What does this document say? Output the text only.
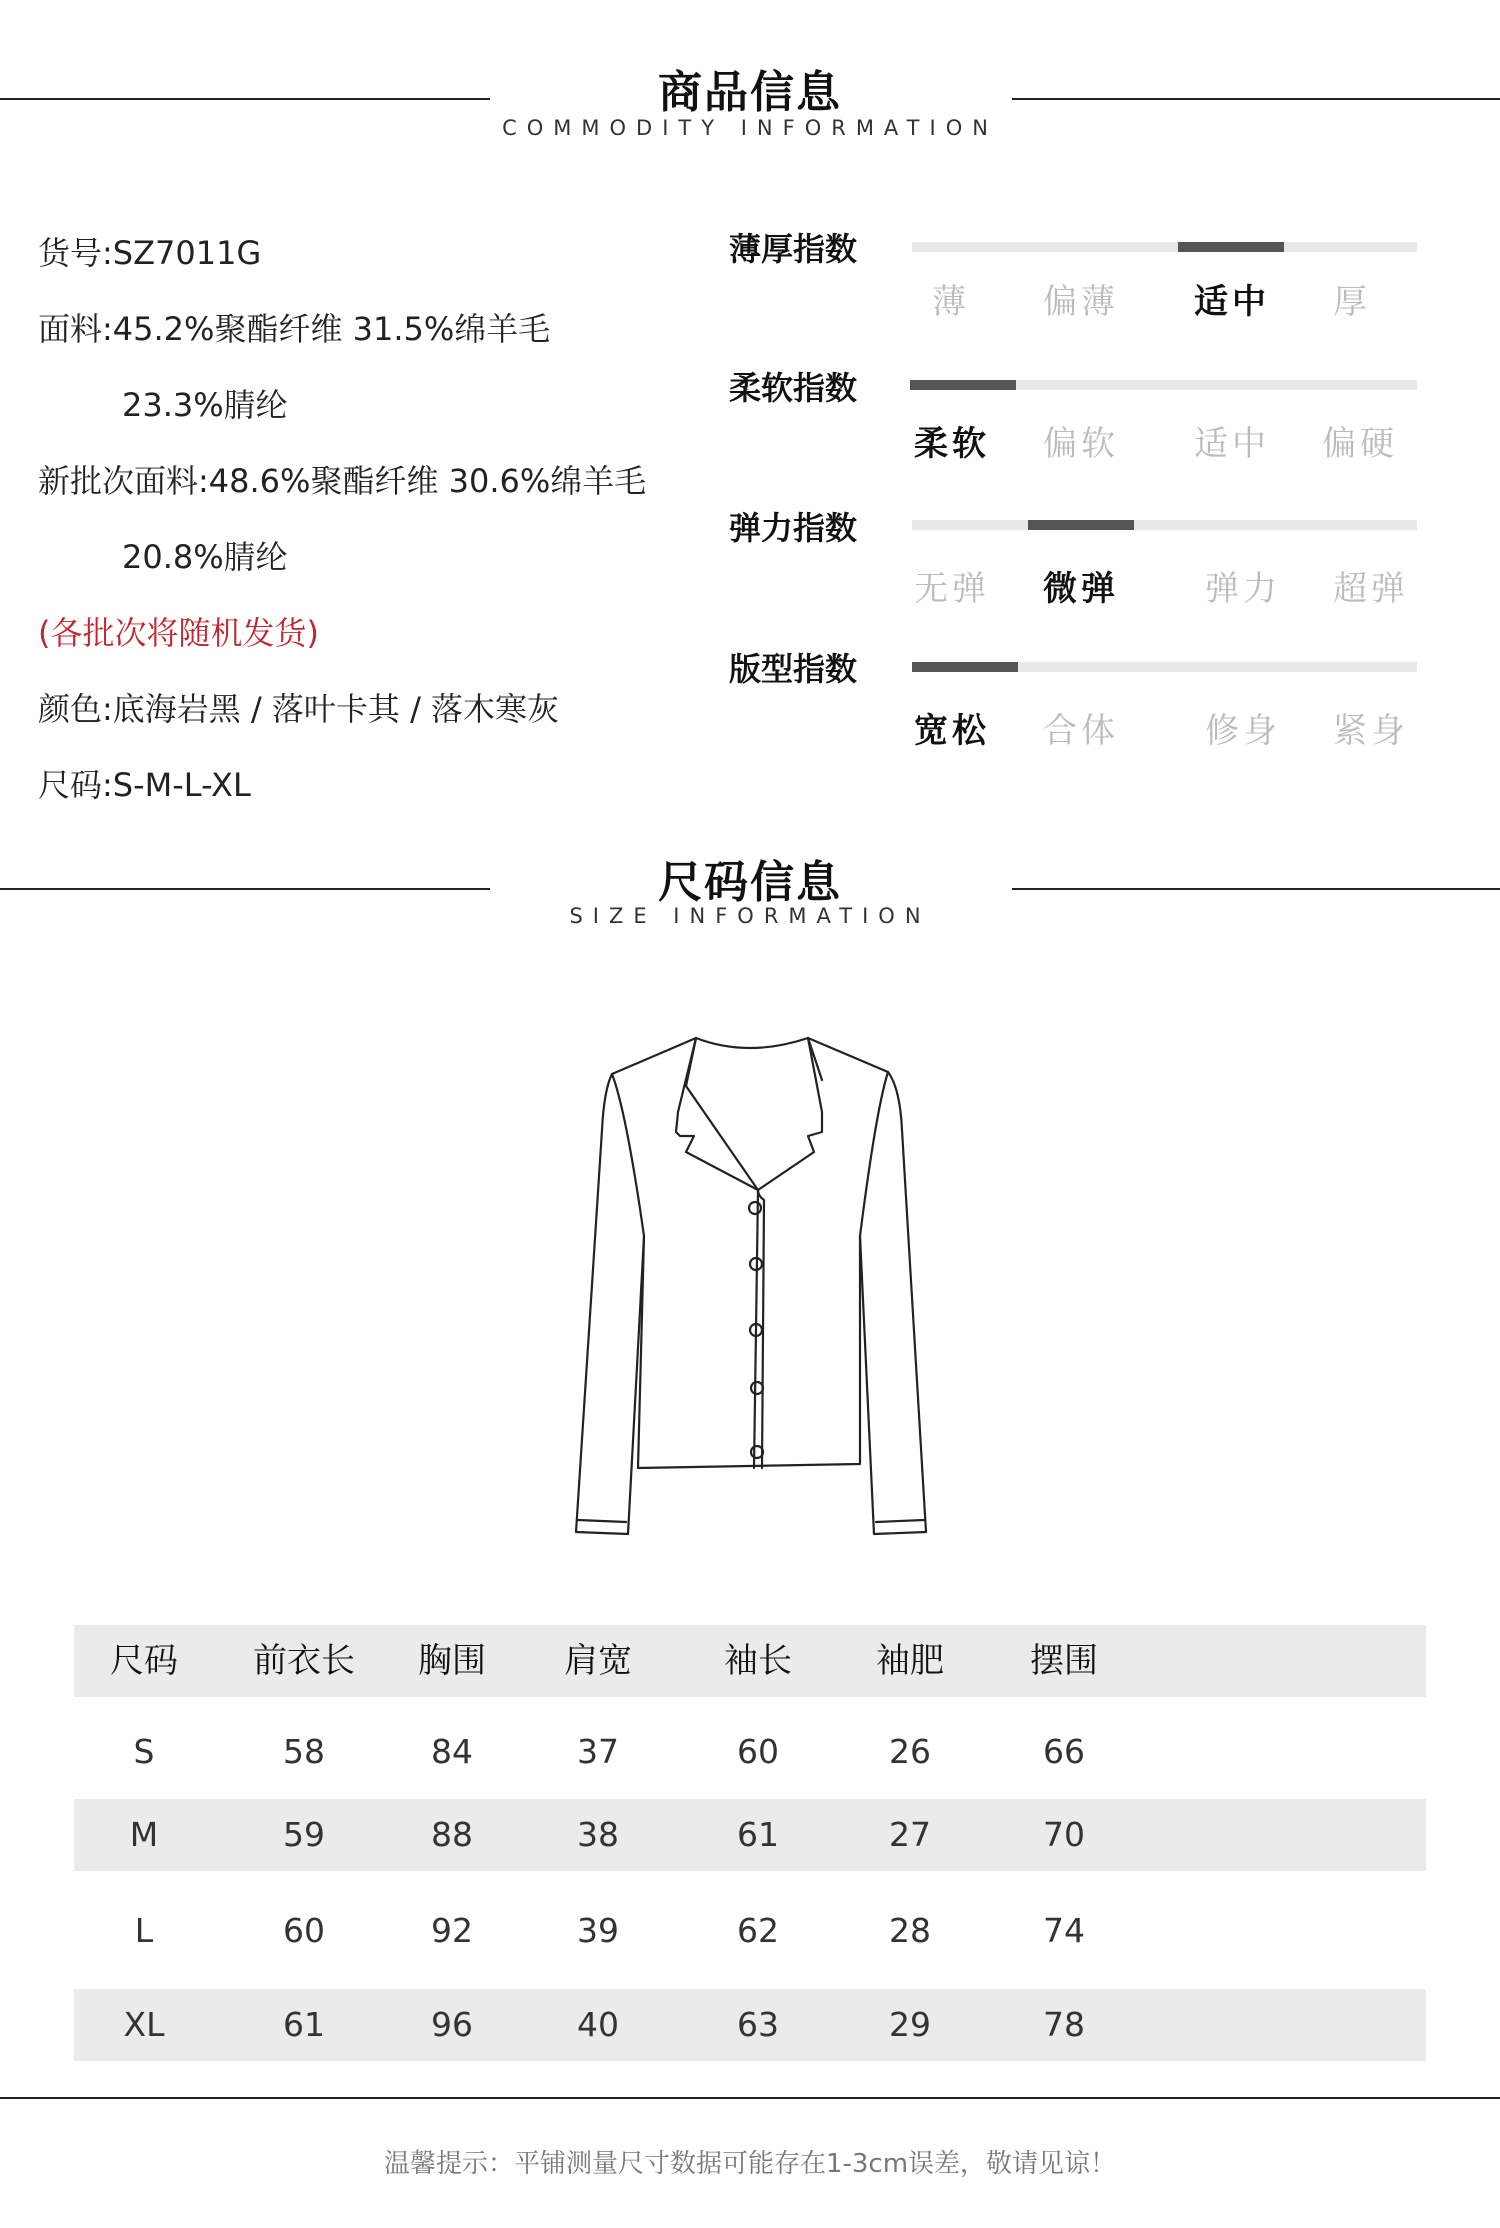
商品信息
COMMODITY INFORMATION
货号:SZ7011G
面料:45.2%聚酯纤维 31.5%绵羊毛
23.3%腈纶
新批次面料:48.6%聚酯纤维 30.6%绵羊毛
20.8%腈纶
(各批次将随机发货)
颜色:底海岩黑 / 落叶卡其 / 落木寒灰
尺码:S-M-L-XL
薄厚指数
薄	偏薄	适中	厚
柔软指数
柔软	偏软	适中	偏硬
弹力指数
无弹	微弹	弹力	超弹
版型指数
宽松	合体	修身	紧身
尺码信息
SIZE INFORMATION
尺码	前衣长	胸围	肩宽	袖长	袖肥	摆围
S	58	84	37	60	26	66
M	59	88	38	61	27	70
L	60	92	39	62	28	74
XL	61	96	40	63	29	78
温馨提示：平铺测量尺寸数据可能存在1-3cm误差，敬请见谅！
